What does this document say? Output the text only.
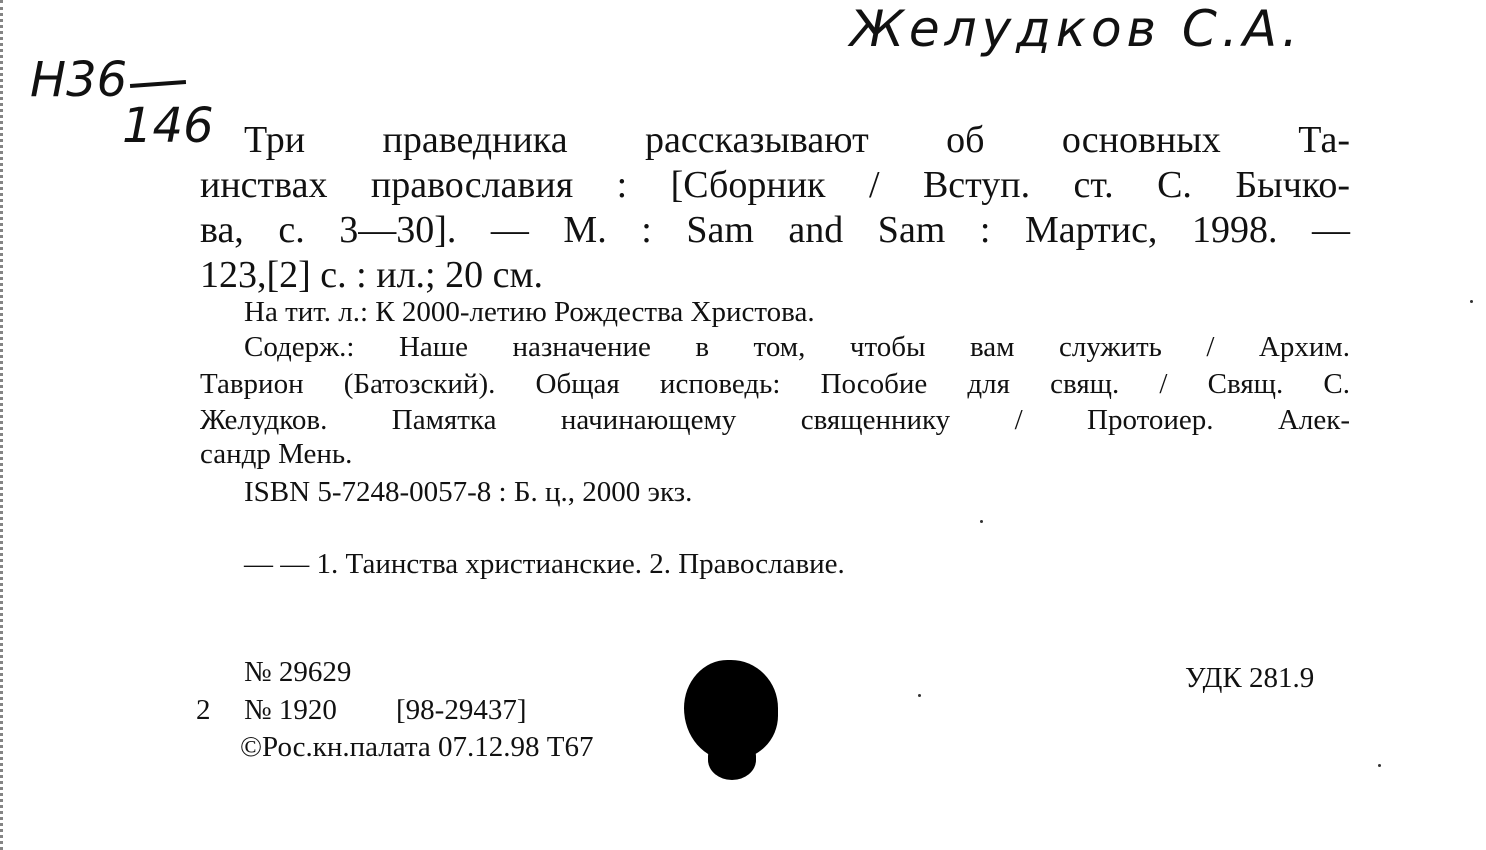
Желудков С.А.
Н36
146 Три праведника рассказывают об основных Та-
инствах православия : [Сборник / Вступ. ст. С. Бычко-
ва, с. 3—30]. — М. : Sam and Sam : Мартис, 1998. —
123,[2] с. : ил.; 20 см.
На тит. л.: К 2000-летию Рождества Христова.
Содерж.: Наше назначение в том, чтобы вам служить / Архим.
Таврион (Батозский). Общая исповедь: Пособие для свящ. / Свящ. С.
Желудков. Памятка начинающему священнику / Протоиер. Алек-
сандр Мень.
ISBN 5-7248-0057-8 : Б. ц., 2000 экз.
— — 1. Таинства христианские. 2. Православие.
№ 29629
2 № 1920 [98-29437]
©Рос.кн.палата 07.12.98 Т67
УДК 281.9
